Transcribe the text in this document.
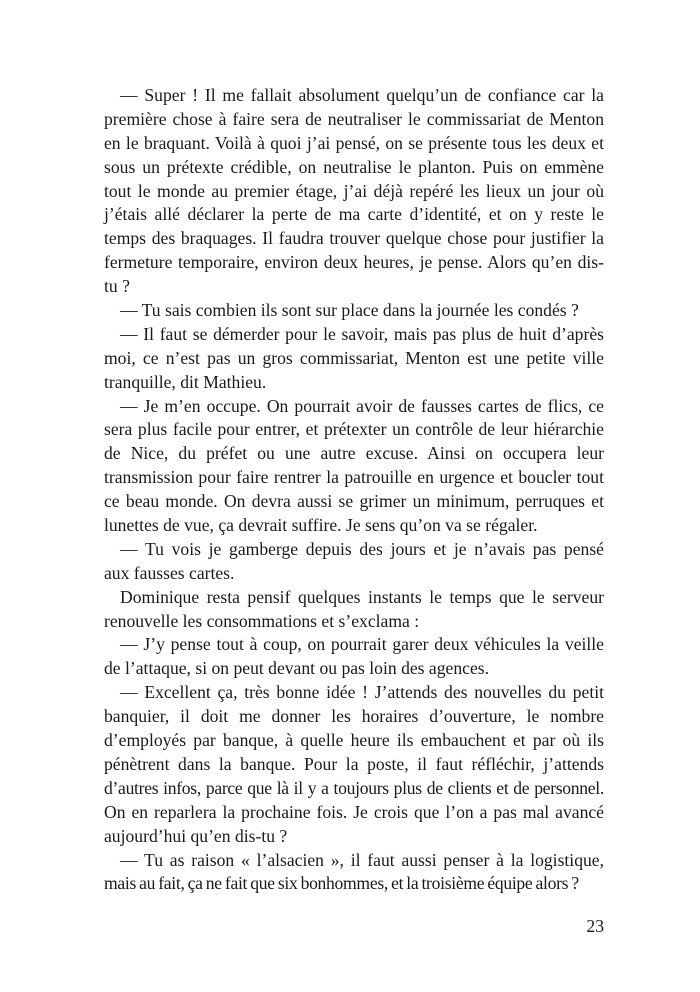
— Super ! Il me fallait absolument quelqu’un de confiance car la
première chose à faire sera de neutraliser le commissariat de Menton
en le braquant. Voilà à quoi j’ai pensé, on se présente tous les deux et
sous un prétexte crédible, on neutralise le planton. Puis on emmène
tout le monde au premier étage, j’ai déjà repéré les lieux un jour où
j’étais allé déclarer la perte de ma carte d’identité, et on y reste le
temps des braquages. Il faudra trouver quelque chose pour justifier la
fermeture temporaire, environ deux heures, je pense. Alors qu’en dis-
tu ?
— Tu sais combien ils sont sur place dans la journée les condés ?
— Il faut se démerder pour le savoir, mais pas plus de huit d’après
moi, ce n’est pas un gros commissariat, Menton est une petite ville
tranquille, dit Mathieu.
— Je m’en occupe. On pourrait avoir de fausses cartes de flics, ce
sera plus facile pour entrer, et prétexter un contrôle de leur hiérarchie
de Nice, du préfet ou une autre excuse. Ainsi on occupera leur
transmission pour faire rentrer la patrouille en urgence et boucler tout
ce beau monde. On devra aussi se grimer un minimum, perruques et
lunettes de vue, ça devrait suffire. Je sens qu’on va se régaler.
— Tu vois je gamberge depuis des jours et je n’avais pas pensé
aux fausses cartes.
Dominique resta pensif quelques instants le temps que le serveur
renouvelle les consommations et s’exclama :
— J’y pense tout à coup, on pourrait garer deux véhicules la veille
de l’attaque, si on peut devant ou pas loin des agences.
— Excellent ça, très bonne idée ! J’attends des nouvelles du petit
banquier, il doit me donner les horaires d’ouverture, le nombre
d’employés par banque, à quelle heure ils embauchent et par où ils
pénètrent dans la banque. Pour la poste, il faut réfléchir, j’attends
d’autres infos, parce que là il y a toujours plus de clients et de personnel.
On en reparlera la prochaine fois. Je crois que l’on a pas mal avancé
aujourd’hui qu’en dis-tu ?
— Tu as raison « l’alsacien », il faut aussi penser à la logistique,
mais au fait, ça ne fait que six bonhommes, et la troisième équipe alors ?
23
